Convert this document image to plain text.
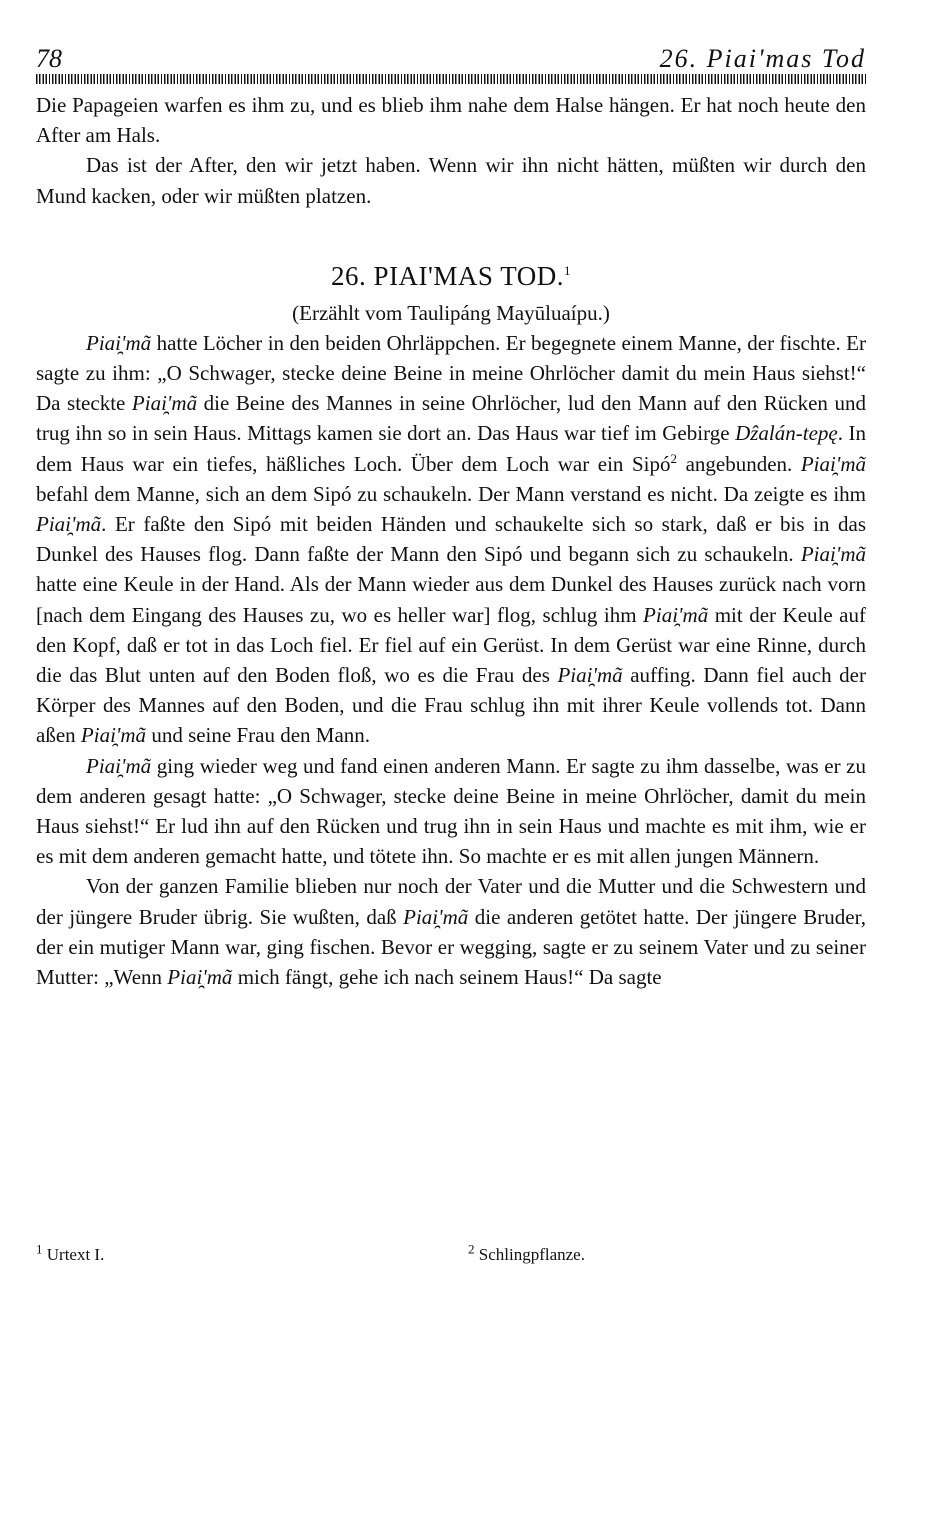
78	26. Piai'mas Tod

Die Papageien warfen es ihm zu, und es blieb ihm nahe dem Halse hängen. Er hat noch heute den After am Hals.

Das ist der After, den wir jetzt haben. Wenn wir ihn nicht hätten, müßten wir durch den Mund kacken, oder wir müßten platzen.

26. PIAI'MAS TOD.$^1$
(Erzählt vom Taulipáng Mayūluaípu.)

Piai̯'mã hatte Löcher in den beiden Ohrläppchen. Er begegnete einem Manne, der fischte. Er sagte zu ihm: „O Schwager, stecke deine Beine in meine Ohrlöcher damit du mein Haus siehst!“ Da steckte Piai̯'mã die Beine des Mannes in seine Ohrlöcher, lud den Mann auf den Rücken und trug ihn so in sein Haus. Mittags kamen sie dort an. Das Haus war tief im Gebirge Dẑalán-tepę. In dem Haus war ein tiefes, häßliches Loch. Über dem Loch war ein Sipó$^2$ angebunden. Piai̯'mã befahl dem Manne, sich an dem Sipó zu schaukeln. Der Mann verstand es nicht. Da zeigte es ihm Piai̯'mã. Er faßte den Sipó mit beiden Händen und schaukelte sich so stark, daß er bis in das Dunkel des Hauses flog. Dann faßte der Mann den Sipó und begann sich zu schaukeln. Piai̯'mã hatte eine Keule in der Hand. Als der Mann wieder aus dem Dunkel des Hauses zurück nach vorn [nach dem Eingang des Hauses zu, wo es heller war] flog, schlug ihm Piai̯'mã mit der Keule auf den Kopf, daß er tot in das Loch fiel. Er fiel auf ein Gerüst. In dem Gerüst war eine Rinne, durch die das Blut unten auf den Boden floß, wo es die Frau des Piai̯'mã auffing. Dann fiel auch der Körper des Mannes auf den Boden, und die Frau schlug ihn mit ihrer Keule vollends tot. Dann aßen Piai̯'mã und seine Frau den Mann.

Piai̯'mã ging wieder weg und fand einen anderen Mann. Er sagte zu ihm dasselbe, was er zu dem anderen gesagt hatte: „O Schwager, stecke deine Beine in meine Ohrlöcher, damit du mein Haus siehst!“ Er lud ihn auf den Rücken und trug ihn in sein Haus und machte es mit ihm, wie er es mit dem anderen gemacht hatte, und tötete ihn. So machte er es mit allen jungen Männern.

Von der ganzen Familie blieben nur noch der Vater und die Mutter und die Schwestern und der jüngere Bruder übrig. Sie wußten, daß Piai̯'mã die anderen getötet hatte. Der jüngere Bruder, der ein mutiger Mann war, ging fischen. Bevor er wegging, sagte er zu seinem Vater und zu seiner Mutter: „Wenn Piai̯'mã mich fängt, gehe ich nach seinem Haus!“ Da sagte

$^1$ Urtext I.	$^2$ Schlingpflanze.
